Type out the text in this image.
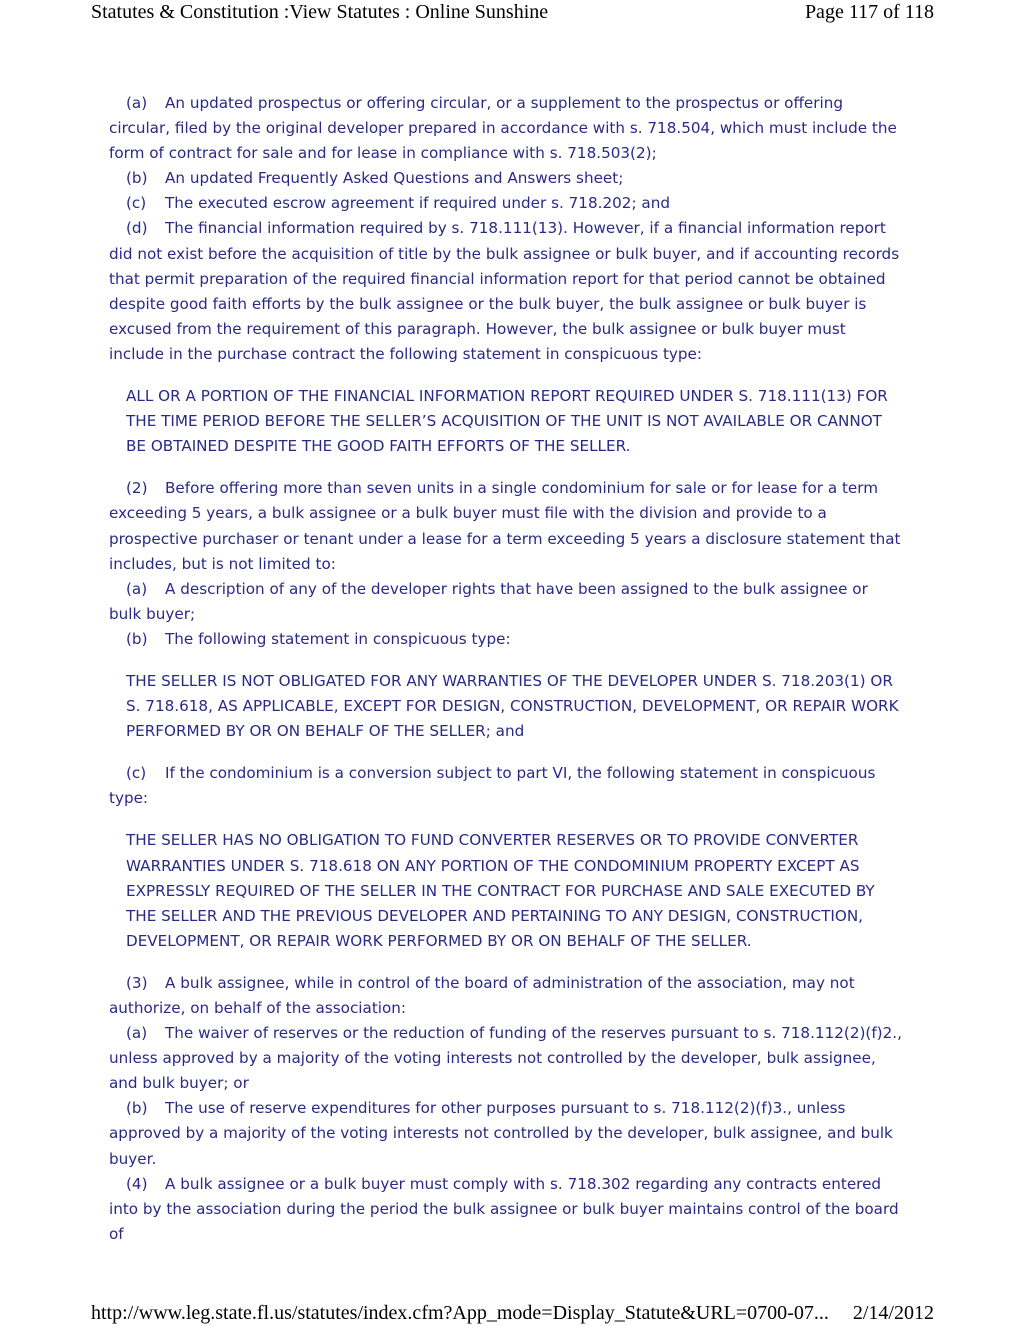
Statutes & Constitution :View Statutes : Online Sunshine	Page 117 of 118

(a) An updated prospectus or offering circular, or a supplement to the prospectus or offering circular, filed by the original developer prepared in accordance with s. 718.504, which must include the form of contract for sale and for lease in compliance with s. 718.503(2);

(b) An updated Frequently Asked Questions and Answers sheet;

(c) The executed escrow agreement if required under s. 718.202; and

(d) The financial information required by s. 718.111(13). However, if a financial information report did not exist before the acquisition of title by the bulk assignee or bulk buyer, and if accounting records that permit preparation of the required financial information report for that period cannot be obtained despite good faith efforts by the bulk assignee or the bulk buyer, the bulk assignee or bulk buyer is excused from the requirement of this paragraph. However, the bulk assignee or bulk buyer must include in the purchase contract the following statement in conspicuous type:

ALL OR A PORTION OF THE FINANCIAL INFORMATION REPORT REQUIRED UNDER S. 718.111(13) FOR THE TIME PERIOD BEFORE THE SELLER’S ACQUISITION OF THE UNIT IS NOT AVAILABLE OR CANNOT BE OBTAINED DESPITE THE GOOD FAITH EFFORTS OF THE SELLER.

(2) Before offering more than seven units in a single condominium for sale or for lease for a term exceeding 5 years, a bulk assignee or a bulk buyer must file with the division and provide to a prospective purchaser or tenant under a lease for a term exceeding 5 years a disclosure statement that includes, but is not limited to:

(a) A description of any of the developer rights that have been assigned to the bulk assignee or bulk buyer;

(b) The following statement in conspicuous type:

THE SELLER IS NOT OBLIGATED FOR ANY WARRANTIES OF THE DEVELOPER UNDER S. 718.203(1) OR S. 718.618, AS APPLICABLE, EXCEPT FOR DESIGN, CONSTRUCTION, DEVELOPMENT, OR REPAIR WORK PERFORMED BY OR ON BEHALF OF THE SELLER; and

(c) If the condominium is a conversion subject to part VI, the following statement in conspicuous type:

THE SELLER HAS NO OBLIGATION TO FUND CONVERTER RESERVES OR TO PROVIDE CONVERTER WARRANTIES UNDER S. 718.618 ON ANY PORTION OF THE CONDOMINIUM PROPERTY EXCEPT AS EXPRESSLY REQUIRED OF THE SELLER IN THE CONTRACT FOR PURCHASE AND SALE EXECUTED BY THE SELLER AND THE PREVIOUS DEVELOPER AND PERTAINING TO ANY DESIGN, CONSTRUCTION, DEVELOPMENT, OR REPAIR WORK PERFORMED BY OR ON BEHALF OF THE SELLER.

(3) A bulk assignee, while in control of the board of administration of the association, may not authorize, on behalf of the association:

(a) The waiver of reserves or the reduction of funding of the reserves pursuant to s. 718.112(2)(f)2., unless approved by a majority of the voting interests not controlled by the developer, bulk assignee, and bulk buyer; or

(b) The use of reserve expenditures for other purposes pursuant to s. 718.112(2)(f)3., unless approved by a majority of the voting interests not controlled by the developer, bulk assignee, and bulk buyer.

(4) A bulk assignee or a bulk buyer must comply with s. 718.302 regarding any contracts entered into by the association during the period the bulk assignee or bulk buyer maintains control of the board of

http://www.leg.state.fl.us/statutes/index.cfm?App_mode=Display_Statute&URL=0700-07... 2/14/2012
